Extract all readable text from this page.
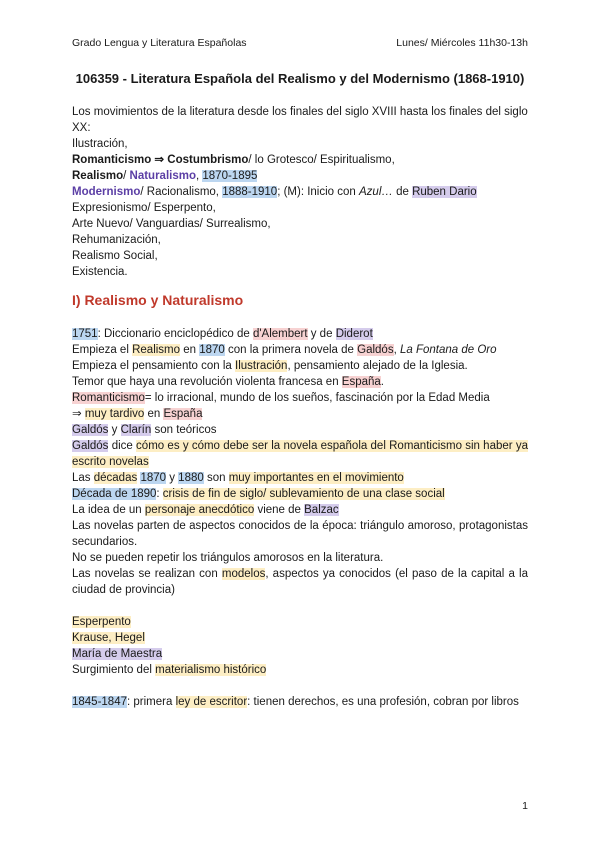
Grado Lengua y Literatura Españolas	Lunes/ Miércoles 11h30-13h
106359 - Literatura Española del Realismo y del Modernismo (1868-1910)

Los movimientos de la literatura desde los finales del siglo XVIII hasta los finales del siglo XX:

Ilustración,

Romanticismo ⇒ Costumbrismo/ lo Grotesco/ Espiritualismo,

Realismo/ Naturalismo, 1870-1895

Modernismo/ Racionalismo, 1888-1910; (M): Inicio con Azul… de Ruben Dario

Expresionismo/ Esperpento,

Arte Nuevo/ Vanguardias/ Surrealismo,

Rehumanización,

Realismo Social,

Existencia.

I) Realismo y Naturalismo

1751: Diccionario enciclopédico de d'Alembert y de Diderot

Empieza el Realismo en 1870 con la primera novela de Galdós, La Fontana de Oro

Empieza el pensamiento con la Ilustración, pensamiento alejado de la Iglesia.

Temor que haya una revolución violenta francesa en España.

Romanticismo= lo irracional, mundo de los sueños, fascinación por la Edad Media

⇒ muy tardivo en España

Galdós y Clarín son teóricos

Galdós dice cómo es y cómo debe ser la novela española del Romanticismo sin haber ya escrito novelas

Las décadas 1870 y 1880 son muy importantes en el movimiento

Década de 1890: crisis de fin de siglo/ sublevamiento de una clase social

La idea de un personaje anecdótico viene de Balzac

Las novelas parten de aspectos conocidos de la época: triángulo amoroso, protagonistas secundarios.

No se pueden repetir los triángulos amorosos en la literatura.

Las novelas se realizan con modelos, aspectos ya conocidos (el paso de la capital a la ciudad de provincia)

Esperpento

Krause, Hegel

María de Maestra

Surgimiento del materialismo histórico

1845-1847: primera ley de escritor: tienen derechos, es una profesión, cobran por libros

1
